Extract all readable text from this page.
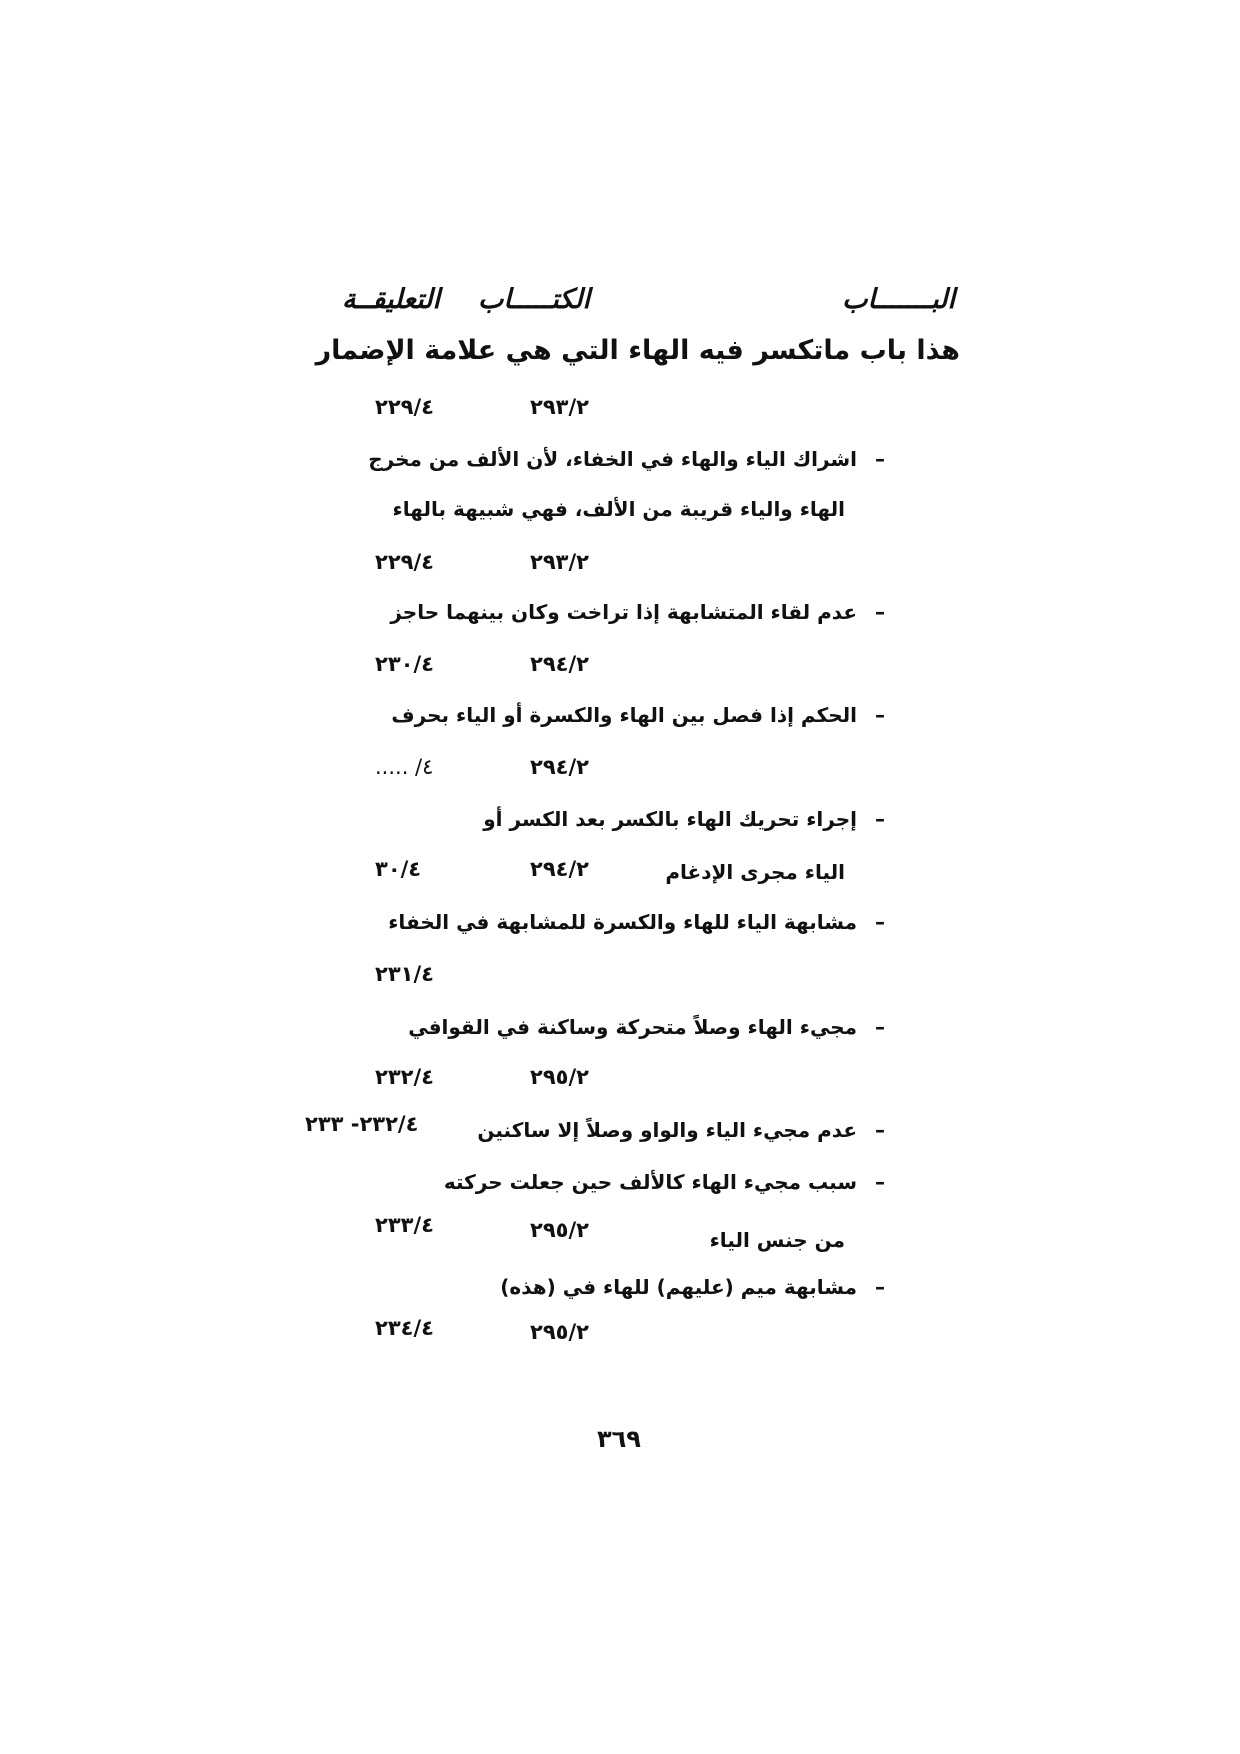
البـــــــاب
الكتـــــاب
التعليقــة
هذا باب ماتكسر فيه الهاء التي هي علامة الإضمار
٢٩٣/٢
٢٢٩/٤
–اشراك الياء والهاء في الخفاء، لأن الألف من مخرج
الهاء والياء قريبة من الألف، فهي شبيهة بالهاء
٢٩٣/٢
٢٢٩/٤
–عدم لقاء المتشابهة إذا تراخت وكان بينهما حاجز
٢٩٤/٢
٢٣٠/٤
–الحكم إذا فصل بين الهاء والكسرة أو الياء بحرف
٢٩٤/٢
٤/ .....
–إجراء تحريك الهاء بالكسر بعد الكسر أو
الياء مجرى الإدغام
٢٩٤/٢
٣٠/٤
–مشابهة الياء للهاء والكسرة للمشابهة في الخفاء
٢٣١/٤
–مجيء الهاء وصلاً متحركة وساكنة في القوافي
٢٩٥/٢
٢٣٢/٤
–عدم مجيء الياء والواو وصلاً إلا ساكنين
٢٣٢/٤- ٢٣٣
–سبب مجيء الهاء كالألف حين جعلت حركته
من جنس الياء
٢٩٥/٢
٢٣٣/٤
–مشابهة ميم (عليهم) للهاء في (هذه)
٢٩٥/٢
٢٣٤/٤
٣٦٩
